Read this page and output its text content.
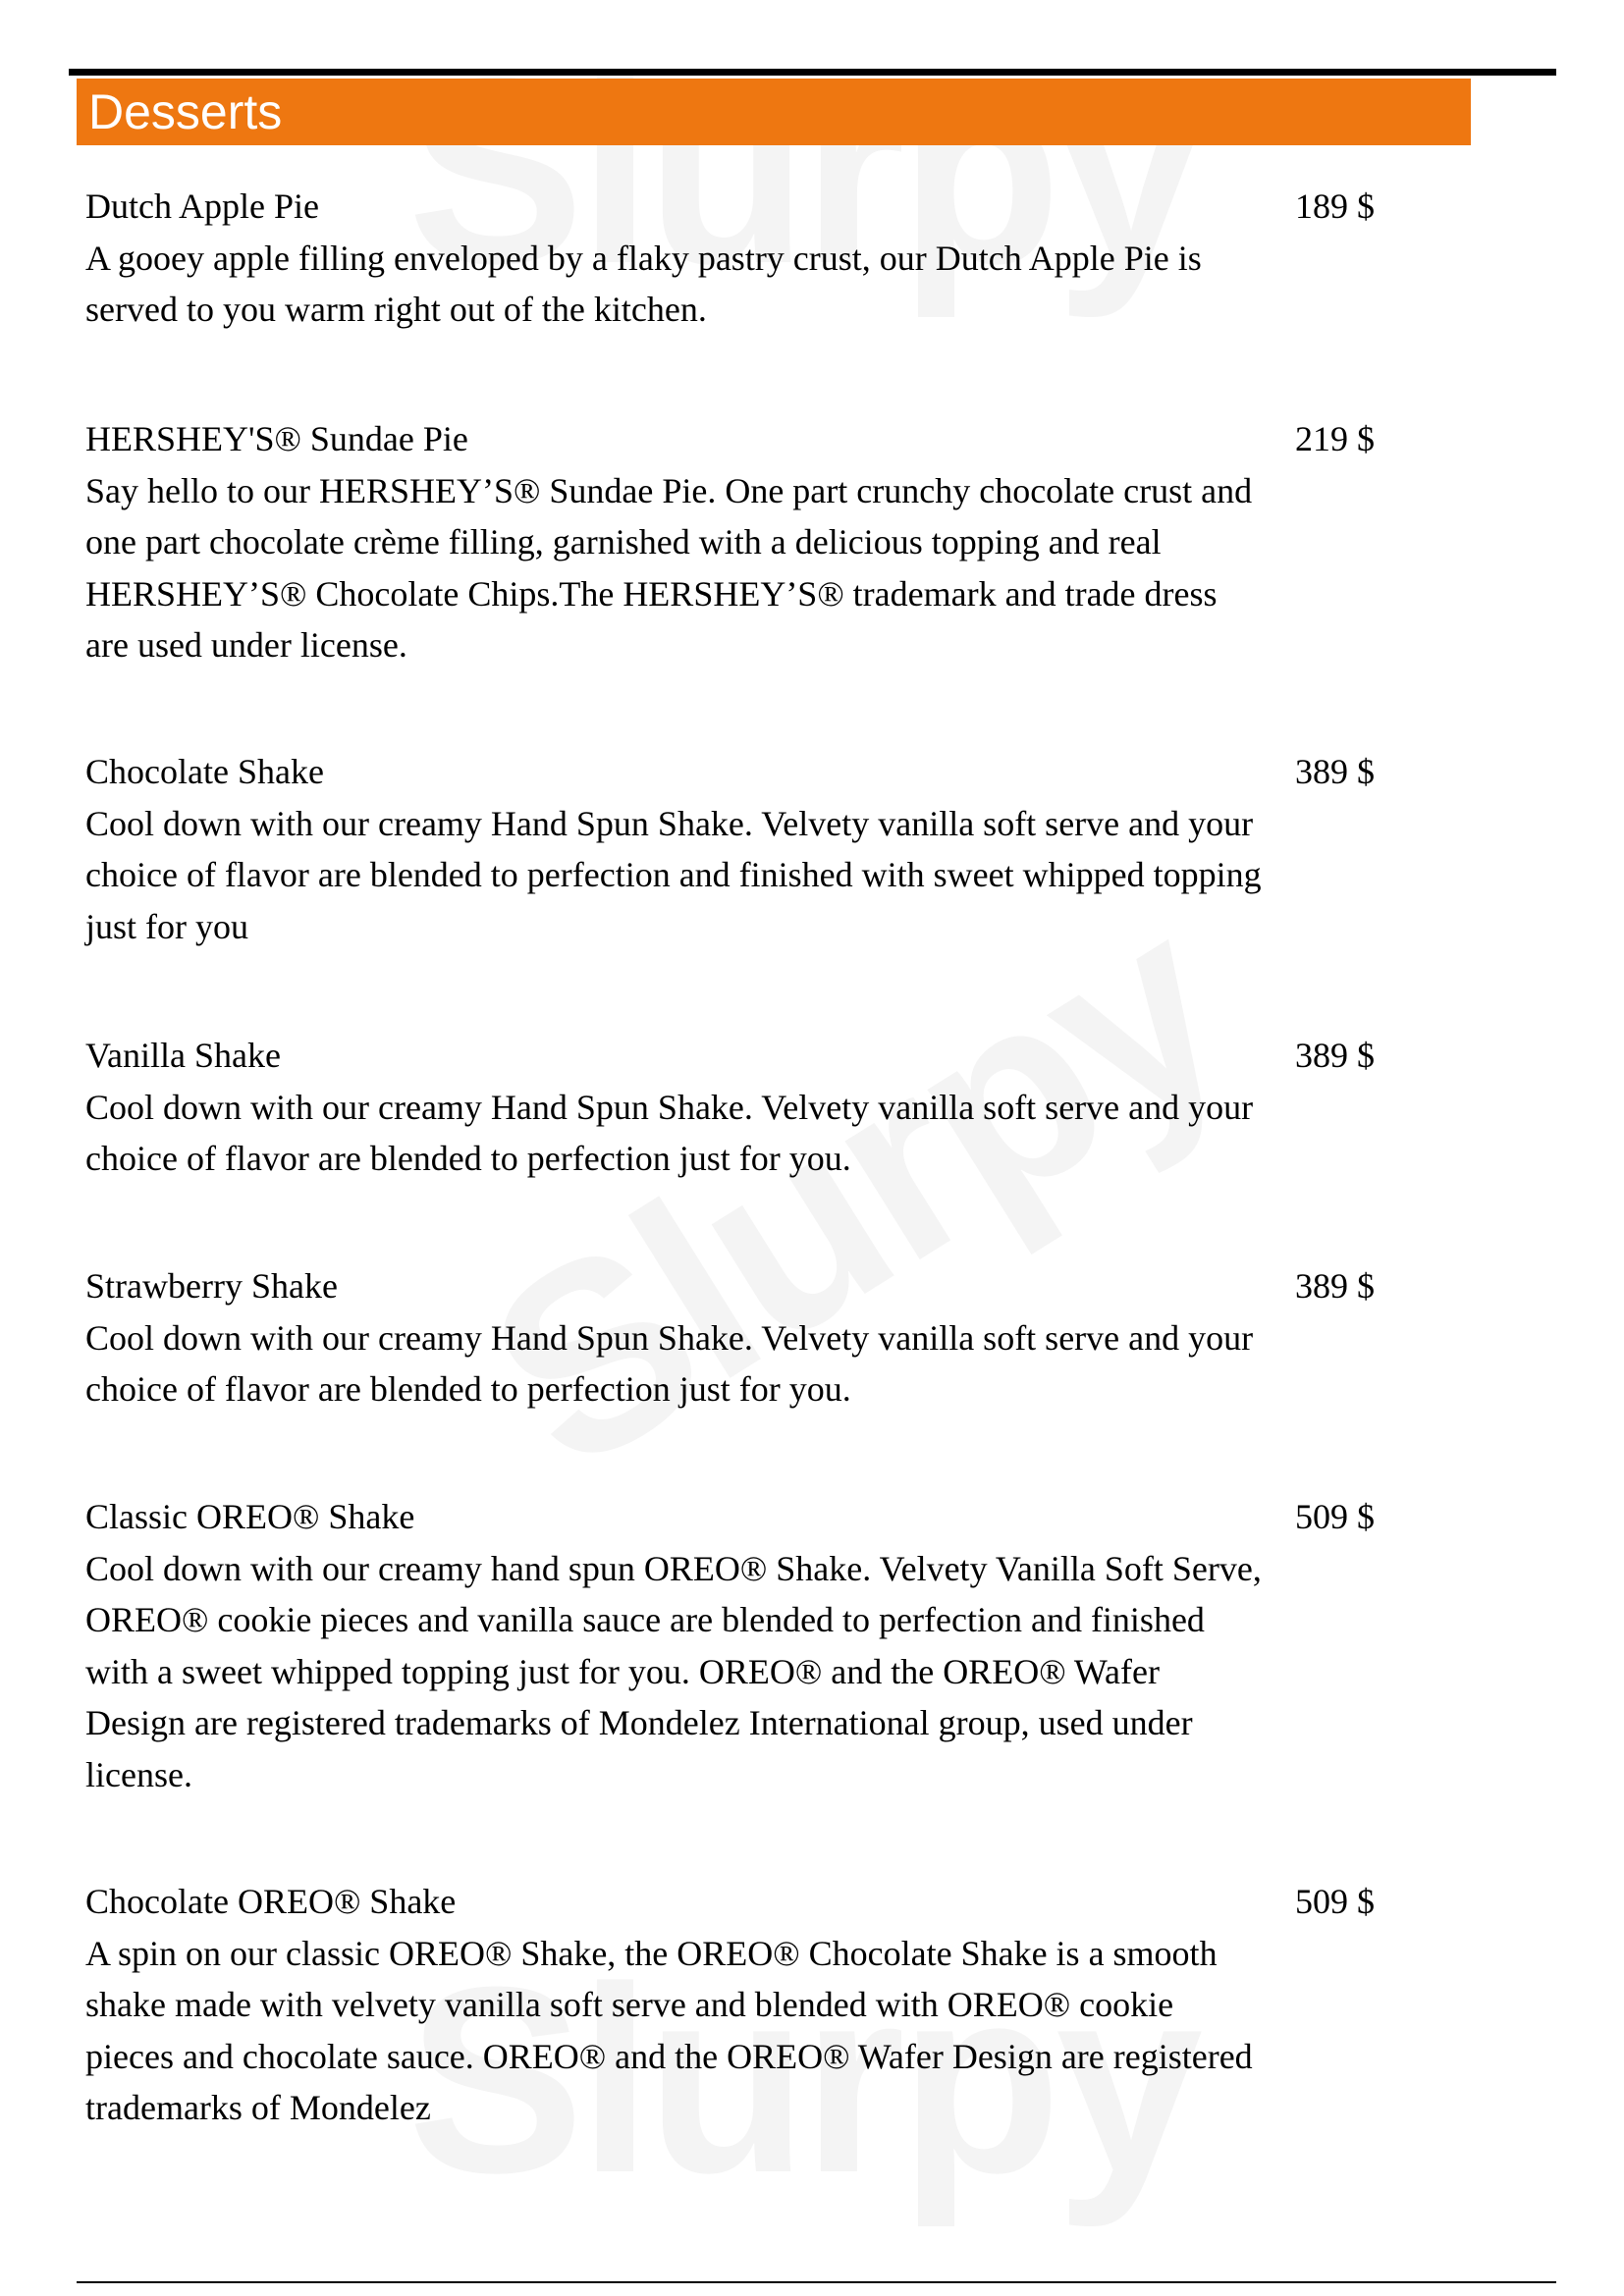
Desserts
Dutch Apple Pie
A gooey apple filling enveloped by a flaky pastry crust, our Dutch Apple Pie is served to you warm right out of the kitchen.
189 $
HERSHEY'S® Sundae Pie
Say hello to our HERSHEY’S® Sundae Pie. One part crunchy chocolate crust and one part chocolate crème filling, garnished with a delicious topping and real HERSHEY’S® Chocolate Chips.The HERSHEY’S® trademark and trade dress are used under license.
219 $
Chocolate Shake
Cool down with our creamy Hand Spun Shake. Velvety vanilla soft serve and your choice of flavor are blended to perfection and finished with sweet whipped topping just for you
389 $
Vanilla Shake
Cool down with our creamy Hand Spun Shake. Velvety vanilla soft serve and your choice of flavor are blended to perfection just for you.
389 $
Strawberry Shake
Cool down with our creamy Hand Spun Shake. Velvety vanilla soft serve and your choice of flavor are blended to perfection just for you.
389 $
Classic OREO® Shake
Cool down with our creamy hand spun OREO® Shake. Velvety Vanilla Soft Serve, OREO® cookie pieces and vanilla sauce are blended to perfection and finished with a sweet whipped topping just for you. OREO® and the OREO® Wafer Design are registered trademarks of Mondelez International group, used under license.
509 $
Chocolate OREO® Shake
A spin on our classic OREO® Shake, the OREO® Chocolate Shake is a smooth shake made with velvety vanilla soft serve and blended with OREO® cookie pieces and chocolate sauce. OREO® and the OREO® Wafer Design are registered trademarks of Mondelez
509 $
